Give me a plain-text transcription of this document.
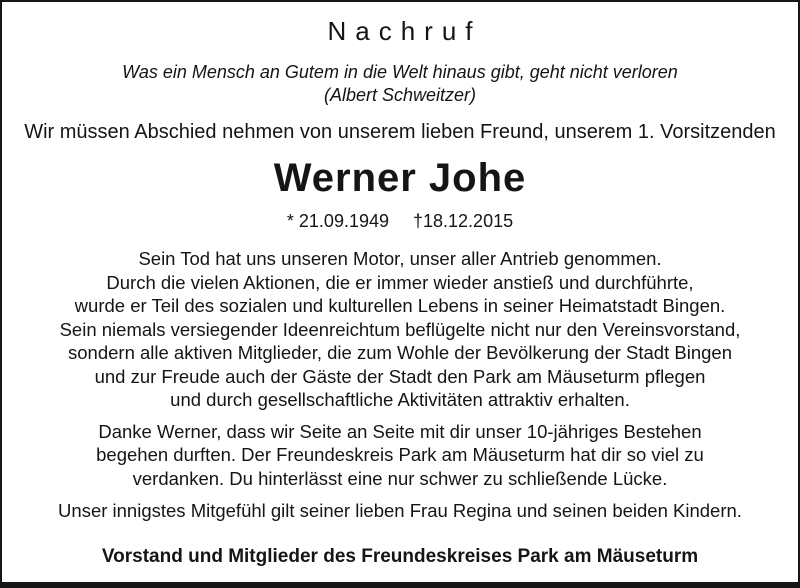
Nachruf
Was ein Mensch an Gutem in die Welt hinaus gibt, geht nicht verloren
(Albert Schweitzer)
Wir müssen Abschied nehmen von unserem lieben Freund, unserem 1. Vorsitzenden
Werner Johe
* 21.09.1949 †18.12.2015
Sein Tod hat uns unseren Motor, unser aller Antrieb genommen.
Durch die vielen Aktionen, die er immer wieder anstieß und durchführte,
wurde er Teil des sozialen und kulturellen Lebens in seiner Heimatstadt Bingen.
Sein niemals versiegender Ideenreichtum beflügelte nicht nur den Vereinsvorstand,
sondern alle aktiven Mitglieder, die zum Wohle der Bevölkerung der Stadt Bingen
und zur Freude auch der Gäste der Stadt den Park am Mäuseturm pflegen
und durch gesellschaftliche Aktivitäten attraktiv erhalten.
Danke Werner, dass wir Seite an Seite mit dir unser 10-jähriges Bestehen
begehen durften. Der Freundeskreis Park am Mäuseturm hat dir so viel zu
verdanken. Du hinterlässt eine nur schwer zu schließende Lücke.
Unser innigstes Mitgefühl gilt seiner lieben Frau Regina und seinen beiden Kindern.
Vorstand und Mitglieder des Freundeskreises Park am Mäuseturm
